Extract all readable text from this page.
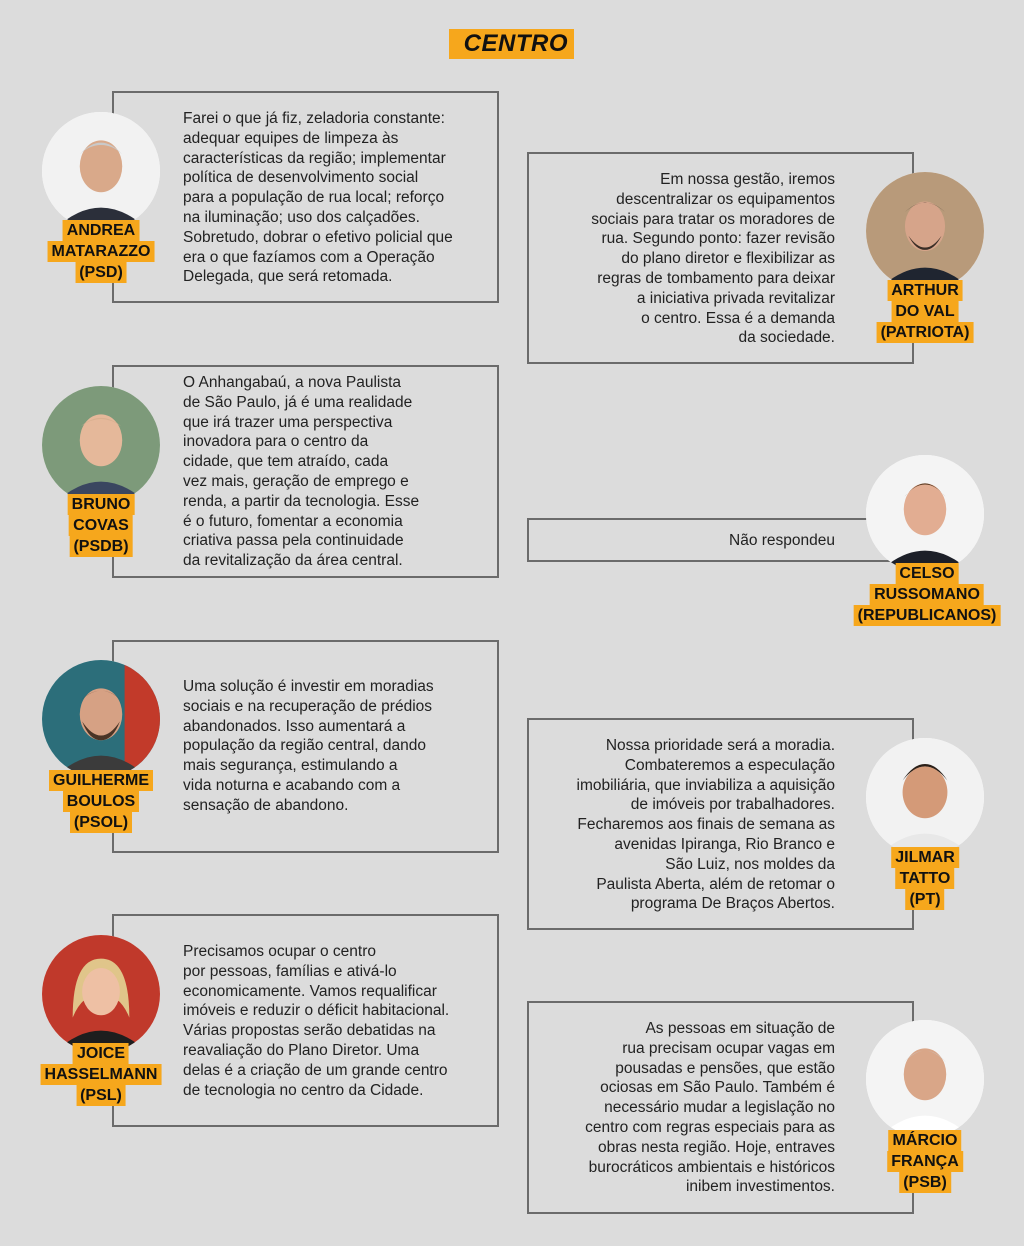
CENTRO

Farei o que já fiz, zeladoria constante:
adequar equipes de limpeza às
características da região; implementar
política de desenvolvimento social
para a população de rua local; reforço
na iluminação; uso dos calçadões.
Sobretudo, dobrar o efetivo policial que
era o que fazíamos com a Operação
Delegada, que será retomada.

ANDREA
MATARAZZO
(PSD)

Em nossa gestão, iremos
descentralizar os equipamentos
sociais para tratar os moradores de
rua. Segundo ponto: fazer revisão
do plano diretor e flexibilizar as
regras de tombamento para deixar
a iniciativa privada revitalizar
o centro. Essa é a demanda
da sociedade.

ARTHUR
DO VAL
(PATRIOTA)

O Anhangabaú, a nova Paulista
de São Paulo, já é uma realidade
que irá trazer uma perspectiva
inovadora para o centro da
cidade, que tem atraído, cada
vez mais, geração de emprego e
renda, a partir da tecnologia. Esse
é o futuro, fomentar a economia
criativa passa pela continuidade
da revitalização da área central.

BRUNO
COVAS
(PSDB)	Não respondeu

CELSO
RUSSOMANO
(REPUBLICANOS)

Uma solução é investir em moradias
sociais e na recuperação de prédios
abandonados. Isso aumentará a
população da região central, dando
mais segurança, estimulando a
vida noturna e acabando com a
sensação de abandono.

GUILHERME
BOULOS
(PSOL)

Nossa prioridade será a moradia.
Combateremos a especulação
imobiliária, que inviabiliza a aquisição
de imóveis por trabalhadores.
Fecharemos aos finais de semana as
avenidas Ipiranga, Rio Branco e
São Luiz, nos moldes da
Paulista Aberta, além de retomar o
programa De Braços Abertos.

JILMAR
TATTO
(PT)

Precisamos ocupar o centro
por pessoas, famílias e ativá-lo
economicamente. Vamos requalificar
imóveis e reduzir o déficit habitacional.
Várias propostas serão debatidas na
reavaliação do Plano Diretor. Uma
delas é a criação de um grande centro
de tecnologia no centro da Cidade.

JOICE
HASSELMANN
(PSL)

As pessoas em situação de
rua precisam ocupar vagas em
pousadas e pensões, que estão
ociosas em São Paulo. Também é
necessário mudar a legislação no
centro com regras especiais para as
obras nesta região. Hoje, entraves
burocráticos ambientais e históricos
inibem investimentos.

MÁRCIO
FRANÇA
(PSB)
